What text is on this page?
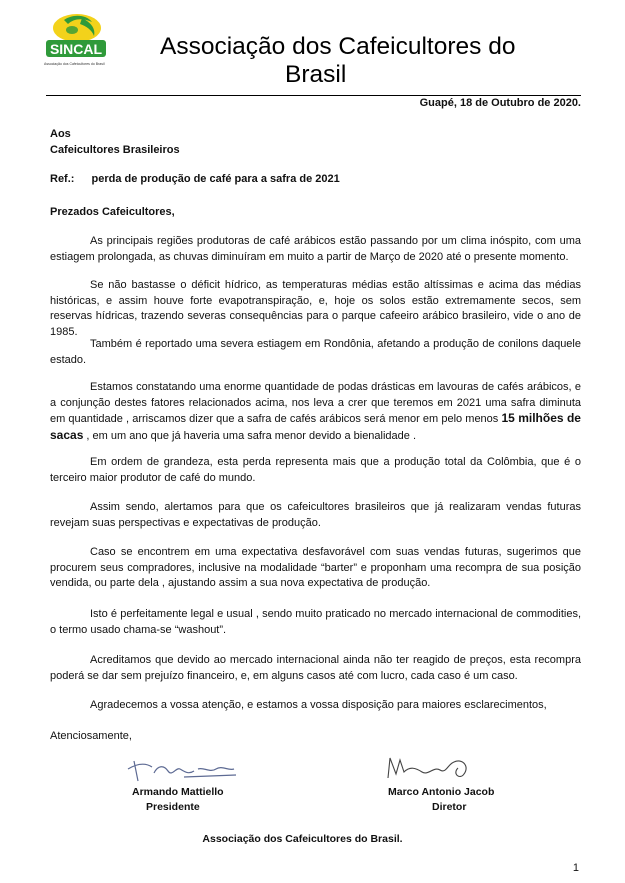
SINCAL
Associação dos Cafeicultores do Brasil
Associação dos Cafeicultores do
Brasil
Guapé, 18 de Outubro de 2020.
Aos
Cafeicultores Brasileiros
Ref.: perda de produção de café para a safra de 2021
Prezados Cafeicultores,
As principais regiões produtoras de café arábicos estão passando por um clima inóspito, com uma estiagem prolongada, as chuvas diminuíram em muito a partir de Março de 2020 até o presente momento.
Se não bastasse o déficit hídrico, as temperaturas médias estão altíssimas e acima das médias históricas, e assim houve forte evapotranspiração, e, hoje os solos estão extremamente secos, sem reservas hídricas, trazendo severas consequências para o parque cafeeiro arábico brasileiro, vide o ano de 1985.
Também é reportado uma severa estiagem em Rondônia, afetando a produção de conilons daquele estado.
Estamos constatando uma enorme quantidade de podas drásticas em lavouras de cafés arábicos, e a conjunção destes fatores relacionados acima, nos leva a crer que teremos em 2021 uma safra diminuta em quantidade , arriscamos dizer que a safra de cafés arábicos será menor em pelo menos 15 milhões de sacas , em um ano que já haveria uma safra menor devido a bienalidade .
Em ordem de grandeza, esta perda representa mais que a produção total da Colômbia, que é o terceiro maior produtor de café do mundo.
Assim sendo, alertamos para que os cafeicultores brasileiros que já realizaram vendas futuras revejam suas perspectivas e expectativas de produção.
Caso se encontrem em uma expectativa desfavorável com suas vendas futuras, sugerimos que procurem seus compradores, inclusive na modalidade “barter” e proponham uma recompra de sua posição vendida, ou parte dela , ajustando assim a sua nova expectativa de produção.
Isto é perfeitamente legal e usual , sendo muito praticado no mercado internacional de commodities, o termo usado chama-se “washout”.
Acreditamos que devido ao mercado internacional ainda não ter reagido de preços, esta recompra poderá se dar sem prejuízo financeiro, e, em alguns casos até com lucro, cada caso é um caso.
Agradecemos a vossa atenção, e estamos a vossa disposição para maiores esclarecimentos,
Atenciosamente,
Armando Mattiello
Presidente
Marco Antonio Jacob
Diretor
Associação dos Cafeicultores do Brasil.
1
